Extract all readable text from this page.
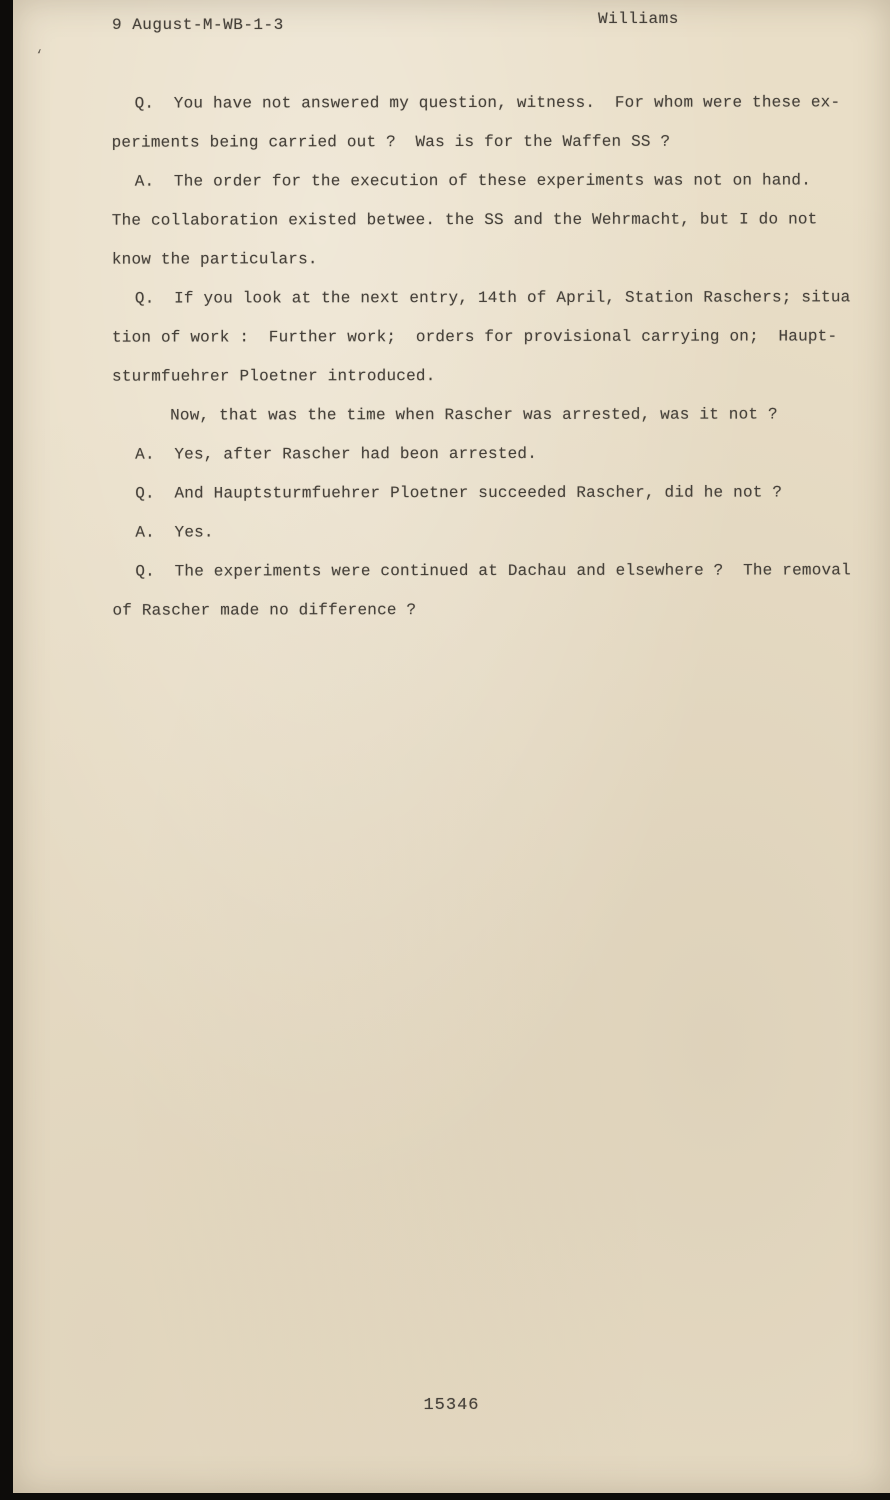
9 August-M-WB-1-3	Williams
‘
Q.  You have not answered my question, witness.  For whom were these ex-
periments being carried out ?  Was is for the Waffen SS ?
A.  The order for the execution of these experiments was not on hand.
The collaboration existed betwee. the SS and the Wehrmacht, but I do not
know the particulars.
Q.  If you look at the next entry, 14th of April, Station Raschers; situa
tion of work :  Further work;  orders for provisional carrying on;  Haupt-
sturmfuehrer Ploetner introduced.
Now, that was the time when Rascher was arrested, was it not ?
A.  Yes, after Rascher had beon arrested.
Q.  And Hauptsturmfuehrer Ploetner succeeded Rascher, did he not ?
A.  Yes.
Q.  The experiments were continued at Dachau and elsewhere ?  The removal
of Rascher made no difference ?
15346
